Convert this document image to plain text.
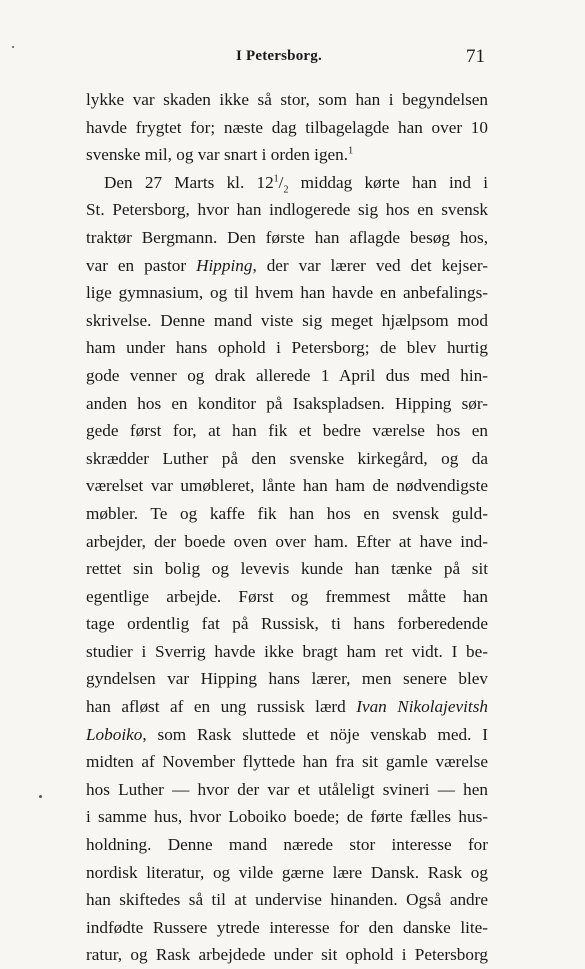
I Petersborg.	71
lykke var skaden ikke så stor, som han i begyndelsen
havde frygtet for; næste dag tilbagelagde han over 10
svenske mil, og var snart i orden igen.$^1$
Den 27 Marts kl. $12^1/_2$ middag kørte han ind i
St. Petersborg, hvor han indlogerede sig hos en svensk
traktør Bergmann. Den første han aflagde besøg hos,
var en pastor Hipping, der var lærer ved det kejser-
lige gymnasium, og til hvem han havde en anbefalings-
skrivelse. Denne mand viste sig meget hjælpsom mod
ham under hans ophold i Petersborg; de blev hurtig
gode venner og drak allerede 1 April dus med hin-
anden hos en konditor på Isakspladsen. Hipping sør-
gede først for, at han fik et bedre værelse hos en
skrædder Luther på den svenske kirkegård, og da
værelset var umøbleret, lånte han ham de nødvendigste
møbler. Te og kaffe fik han hos en svensk guld-
arbejder, der boede oven over ham. Efter at have ind-
rettet sin bolig og levevis kunde han tænke på sit
egentlige arbejde. Først og fremmest måtte han
tage ordentlig fat på Russisk, ti hans forberedende
studier i Sverrig havde ikke bragt ham ret vidt. I be-
gyndelsen var Hipping hans lærer, men senere blev
han afløst af en ung russisk lærd Ivan Nikolajevitsh
Loboiko, som Rask sluttede et nöje venskab med. I
midten af November flyttede han fra sit gamle værelse
hos Luther — hvor der var et utåleligt svineri — hen
i samme hus, hvor Loboiko boede; de førte fælles hus-
holdning. Denne mand nærede stor interesse for
nordisk literatur, og vilde gærne lære Dansk. Rask og
han skiftedes så til at undervise hinanden. Også andre
indfødte Russere ytrede interesse for den danske lite-
ratur, og Rask arbejdede under sit ophold i Petersborg
